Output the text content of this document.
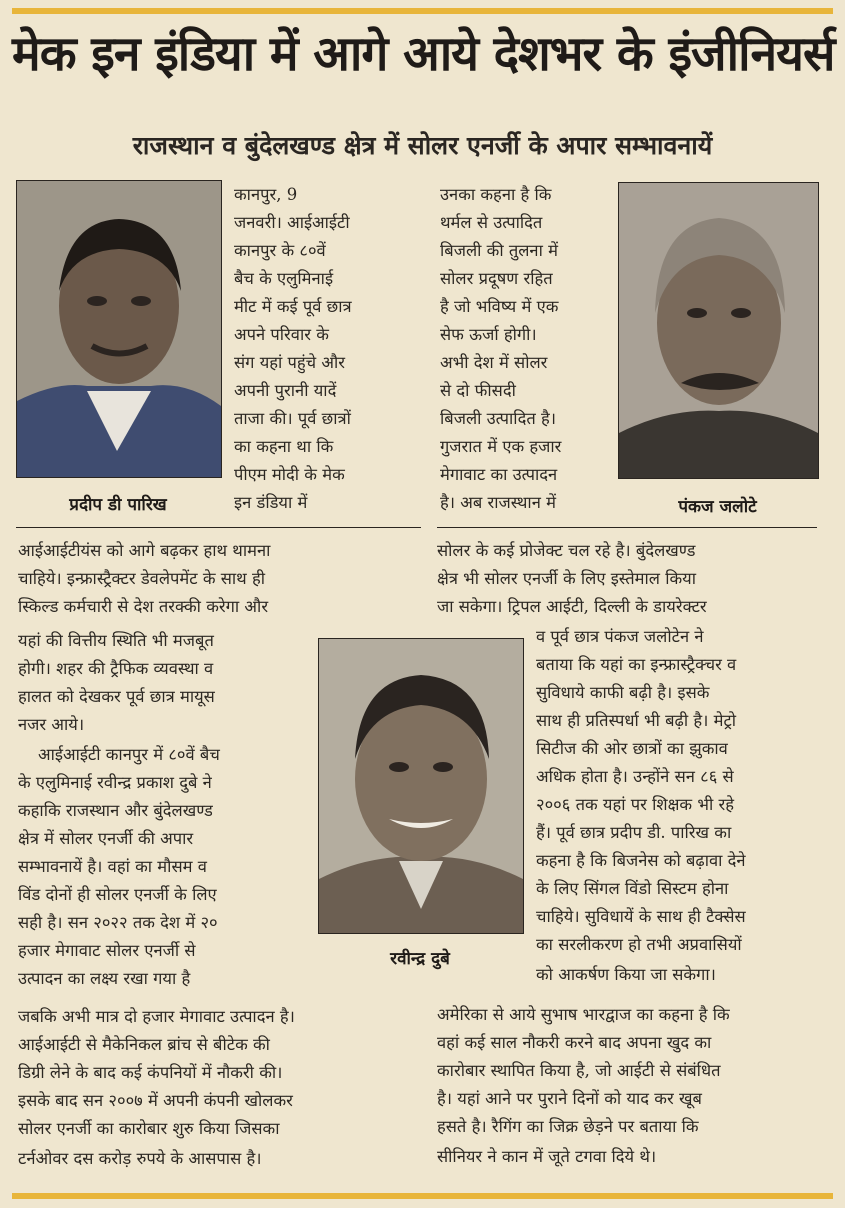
मेक इन इंडिया में आगे आये देशभर के इंजीनियर्स
राजस्थान व बुंदेलखण्ड क्षेत्र में सोलर एनर्जी के अपार सम्भावनायें
प्रदीप डी पारिख	पंकज जलोटे
रवीन्द्र दुबे
कानपुर, 9
जनवरी। आईआईटी
कानपुर के ८०वें
बैच के एलुमिनाई
मीट में कई पूर्व छात्र
अपने परिवार के
संग यहां पहुंचे और
अपनी पुरानी यादें
ताजा की। पूर्व छात्रों
का कहना था कि
पीएम मोदी के मेक
इन डंडिया में
आईआईटीयंस को आगे बढ़कर हाथ थामना
चाहिये। इन्फ्रास्ट्रैक्टर डेवलेपमेंट के साथ ही
स्किल्ड कर्मचारी से देश तरक्की करेगा और
यहां की वित्तीय स्थिति भी मजबूत
होगी। शहर की ट्रैफिक व्यवस्था व
हालत को देखकर पूर्व छात्र मायूस
नजर आये।
आईआईटी कानपुर में ८०वें बैच
के एलुमिनाई रवीन्द्र प्रकाश दुबे ने
कहाकि राजस्थान और बुंदेलखण्ड
क्षेत्र में सोलर एनर्जी की अपार
सम्भावनायें है। वहां का मौसम व
विंड दोनों ही सोलर एनर्जी के लिए
सही है। सन २०२२ तक देश में २०
हजार मेगावाट सोलर एनर्जी से
उत्पादन का लक्ष्य रखा गया है
जबकि अभी मात्र दो हजार मेगावाट उत्पादन है।
आईआईटी से मैकेनिकल ब्रांच से बीटेक की
डिग्री लेने के बाद कई कंपनियों में नौकरी की।
इसके बाद सन २००७ में अपनी कंपनी खोलकर
सोलर एनर्जी का कारोबार शुरु किया जिसका
टर्नओवर दस करोड़ रुपये के आसपास है।
उनका कहना है कि
थर्मल से उत्पादित
बिजली की तुलना में
सोलर प्रदूषण रहित
है जो भविष्य में एक
सेफ ऊर्जा होगी।
अभी देश में सोलर
से दो फीसदी
बिजली उत्पादित है।
गुजरात में एक हजार
मेगावाट का उत्पादन
है। अब राजस्थान में
सोलर के कई प्रोजेक्ट चल रहे है। बुंदेलखण्ड
क्षेत्र भी सोलर एनर्जी के लिए इस्तेमाल किया
जा सकेगा। ट्रिपल आईटी, दिल्ली के डायरेक्टर
व पूर्व छात्र पंकज जलोटेन ने
बताया कि यहां का इन्फ्रास्ट्रैक्चर व
सुविधाये काफी बढ़ी है। इसके
साथ ही प्रतिस्पर्धा भी बढ़ी है। मेट्रो
सिटीज की ओर छात्रों का झुकाव
अधिक होता है। उन्होंने सन ८६ से
२००६ तक यहां पर शिक्षक भी रहे
हैं। पूर्व छात्र प्रदीप डी. पारिख का
कहना है कि बिजनेस को बढ़ावा देने
के लिए सिंगल विंडो सिस्टम होना
चाहिये। सुविधायें के साथ ही टैक्सेस
का सरलीकरण हो तभी अप्रवासियों
को आकर्षण किया जा सकेगा।
अमेरिका से आये सुभाष भारद्वाज का कहना है कि
वहां कई साल नौकरी करने बाद अपना खुद का
कारोबार स्थापित किया है, जो आईटी से संबंधित
है। यहां आने पर पुराने दिनों को याद कर खूब
हसते है। रैगिंग का जिक्र छेड़ने पर बताया कि
सीनियर ने कान में जूते टगवा दिये थे।
